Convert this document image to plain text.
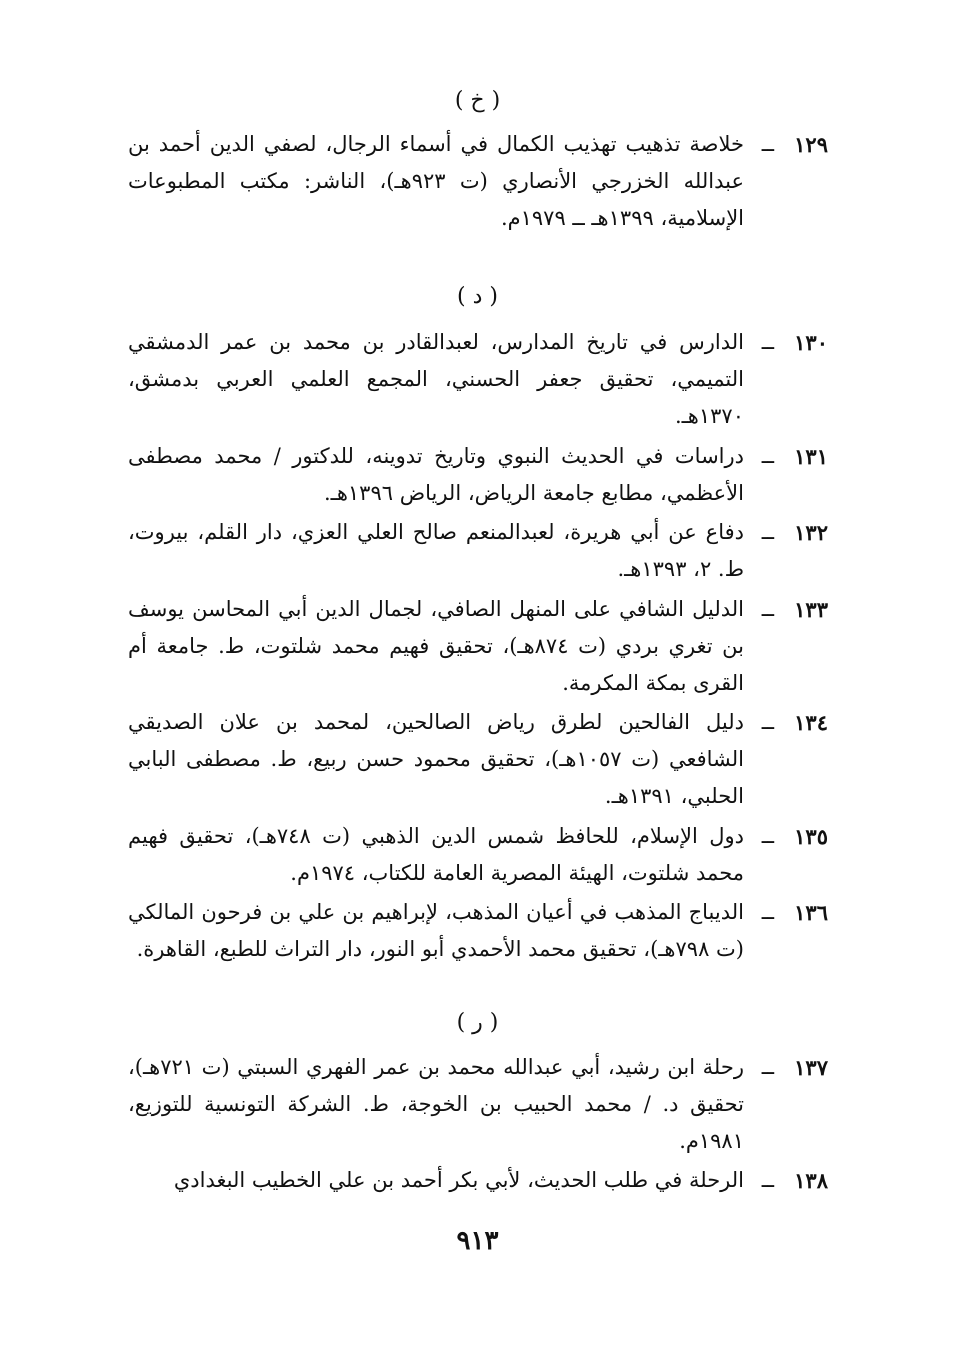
( خ )
١٢٩
ــ
خلاصة تذهيب تهذيب الكمال في أسماء الرجال، لصفي الدين أحمد بن عبدالله الخزرجي الأنصاري (ت ٩٢٣هـ)، الناشر: مكتب المطبوعات الإسلامية، ١٣٩٩هـ ــ ١٩٧٩م.
( د )
١٣٠
ــ
الدارس في تاريخ المدارس، لعبدالقادر بن محمد بن عمر الدمشقي التميمي، تحقيق جعفر الحسني، المجمع العلمي العربي بدمشق، ١٣٧٠هـ.
١٣١
ــ
دراسات في الحديث النبوي وتاريخ تدوينه، للدكتور / محمد مصطفى الأعظمي، مطابع جامعة الرياض، الرياض ١٣٩٦هـ.
١٣٢
ــ
دفاع عن أبي هريرة، لعبدالمنعم صالح العلي العزي، دار القلم، بيروت، ط. ٢، ١٣٩٣هـ.
١٣٣
ــ
الدليل الشافي على المنهل الصافي، لجمال الدين أبي المحاسن يوسف بن تغري بردي (ت ٨٧٤هـ)، تحقيق فهيم محمد شلتوت، ط. جامعة أم القرى بمكة المكرمة.
١٣٤
ــ
دليل الفالحين لطرق رياض الصالحين، لمحمد بن علان الصديقي الشافعي (ت ١٠٥٧هـ)، تحقيق محمود حسن ربيع، ط. مصطفى البابي الحلبي، ١٣٩١هـ.
١٣٥
ــ
دول الإسلام، للحافظ شمس الدين الذهبي (ت ٧٤٨هـ)، تحقيق فهيم محمد شلتوت، الهيئة المصرية العامة للكتاب، ١٩٧٤م.
١٣٦
ــ
الديباج المذهب في أعيان المذهب، لإبراهيم بن علي بن فرحون المالكي (ت ٧٩٨هـ)، تحقيق محمد الأحمدي أبو النور، دار التراث للطبع، القاهرة.
( ر )
١٣٧
ــ
رحلة ابن رشيد، أبي عبدالله محمد بن عمر الفهري السبتي (ت ٧٢١هـ)، تحقيق د. / محمد الحبيب بن الخوجة، ط. الشركة التونسية للتوزيع، ١٩٨١م.
١٣٨
ــ
الرحلة في طلب الحديث، لأبي بكر أحمد بن علي الخطيب البغدادي
٩١٣
